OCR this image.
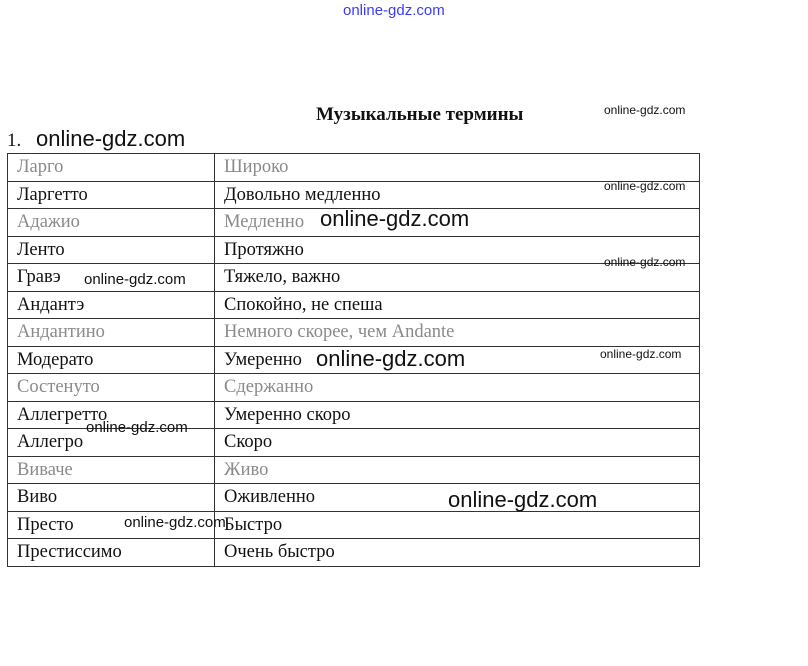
online-gdz.com
online-gdz.com
online-gdz.com
online-gdz.com
online-gdz.com
online-gdz.com
online-gdz.com
online-gdz.com
online-gdz.com
online-gdz.com
online-gdz.com
online-gdz.com
Музыкальные термины
1.
Ларго	Широко
Ларгетто	Довольно медленно
Адажио	Медленно
Ленто	Протяжно
Гравэ	Тяжело, важно
Андантэ	Спокойно, не спеша
Андантино	Немного скорее, чем Andante
Модерато	Умеренно
Состенуто	Сдержанно
Аллегретто	Умеренно скоро
Аллегро	Скоро
Виваче	Живо
Виво	Оживленно
Престо	Быстро
Престиссимо	Очень быстро
